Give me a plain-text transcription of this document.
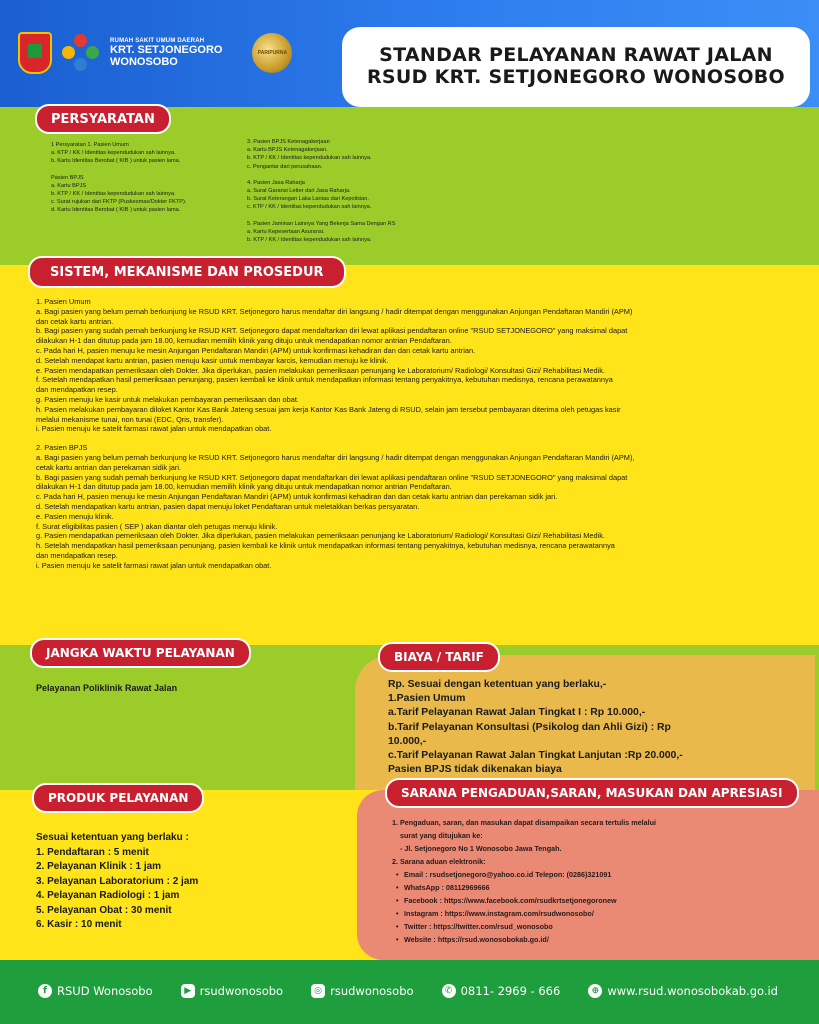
RUMAH SAKIT UMUM DAERAH
KRT. SETJONEGORO
WONOSOBO
PARIPURNA	STANDAR PELAYANAN RAWAT JALAN
RSUD KRT. SETJONEGORO WONOSOBO
PERSYARATAN
1 Persyaratan 1. Pasien Umum
a. KTP / KK / Identitas kependudukan sah lainnya.
b. Kartu Identitas Berobat ( KIB ) untuk pasien lama.
Pasien BPJS
a. Kartu BPJS
b. KTP / KK / Identitas kependudukan sah lainnya.
c. Surat rujukan dari FKTP (Puskesmas/Dokter FKTP).
d. Kartu Identitas Berobat ( KIB ) untuk pasien lama.
3. Pasien BPJS Ketenagakerjaan
a. Kartu BPJS Ketenagakerjaan.
b. KTP / KK / Identitas kependudukan sah lainnya.
c. Pengantar dari perusahaan.
4. Pasien Jasa Raharja
a. Surat Garansi Letter dari Jasa Raharja.
b. Surat Keterangan Laka Lantas dari Kepolisian.
c. KTP / KK / Identitas kependudukan sah lainnya.
5. Pasien Jaminan Lainnya Yang Bekerja Sama Dengan RS
a. Kartu Kepesertaan Asuransi.
b. KTP / KK / Identitas kependudukan sah lainnya.
SISTEM, MEKANISME DAN PROSEDUR
1. Pasien Umum
a. Bagi pasien yang belum pernah berkunjung ke RSUD KRT. Setjonegoro harus mendaftar diri langsung / hadir ditempat dengan menggunakan Anjungan Pendaftaran Mandiri (APM)
dan cetak kartu antrian.
b. Bagi pasien yang sudah pernah berkunjung ke RSUD KRT. Setjonegoro dapat mendaftarkan diri lewat aplikasi pendaftaran online "RSUD SETJONEGORO" yang maksimal dapat
dilakukan H-1 dan ditutup pada jam 18.00, kemudian memilih klinik yang dituju untuk mendapatkan nomor antrian Pendaftaran.
c. Pada hari H, pasien menuju ke mesin Anjungan Pendaftaran Mandiri (APM) untuk konfirmasi kehadiran dan dan cetak kartu antrian.
d. Setelah mendapat kartu antrian, pasien menuju kasir untuk membayar karcis, kemudian menuju ke klinik.
e. Pasien mendapatkan pemeriksaan oleh Dokter. Jika diperlukan, pasien melakukan pemeriksaan penunjang ke Laboratorium/ Radiologi/ Konsultasi Gizi/ Rehabilitasi Medik.
f. Setelah mendapatkan hasil pemeriksaan penunjang, pasien kembali ke klinik untuk mendapatkan informasi tentang penyakitnya, kebutuhan medisnya, rencana perawatannya
dan mendapatkan resep.
g. Pasien menuju ke kasir untuk melakukan pembayaran pemeriksaan dan obat.
h. Pasien melakukan pembayaran diloket Kantor Kas Bank Jateng sesuai jam kerja Kantor Kas Bank Jateng di RSUD, selain jam tersebut pembayaran diterima oleh petugas kasir
melalui mekanisme tunai, non tunai (EDC, Qris, transfer).
i. Pasien menuju ke satelit farmasi rawat jalan untuk mendapatkan obat.
2. Pasien BPJS
a. Bagi pasien yang belum pernah berkunjung ke RSUD KRT. Setjonegoro harus mendaftar diri langsung / hadir ditempat dengan menggunakan Anjungan Pendaftaran Mandiri (APM),
cetak kartu antrian dan perekaman sidik jari.
b. Bagi pasien yang sudah pernah berkunjung ke RSUD KRT. Setjonegoro dapat mendaftarkan diri lewat aplikasi pendaftaran online "RSUD SETJONEGORO" yang maksimal dapat
dilakukan H-1 dan ditutup pada jam 18.00, kemudian memilih klinik yang dituju untuk mendapatkan nomor antrian Pendaftaran.
c. Pada hari H, pasien menuju ke mesin Anjungan Pendaftaran Mandiri (APM) untuk konfirmasi kehadiran dan dan cetak kartu antrian dan perekaman sidik jari.
d. Setelah mendapatkan kartu antrian, pasien dapat menuju loket Pendaftaran untuk meletakkan berkas persyaratan.
e. Pasien menuju klinik.
f. Surat eligibilitas pasien ( SEP ) akan diantar oleh petugas menuju klinik.
g. Pasien mendapatkan pemeriksaan oleh Dokter. Jika diperlukan, pasien melakukan pemeriksaan penunjang ke Laboratorium/ Radiologi/ Konsultasi Gizi/ Rehabilitasi Medik.
h. Setelah mendapatkan hasil pemeriksaan penunjang, pasien kembali ke klinik untuk mendapatkan informasi tentang penyakitnya, kebutuhan medisnya, rencana perawatannya
dan mendapatkan resep.
i. Pasien menuju ke satelit farmasi rawat jalan untuk mendapatkan obat.
JANGKA WAKTU PELAYANAN
Pelayanan Poliklinik Rawat Jalan
BIAYA / TARIF
Rp. Sesuai dengan ketentuan yang berlaku,-
1.Pasien Umum
a.Tarif Pelayanan Rawat Jalan Tingkat I : Rp 10.000,-
b.Tarif Pelayanan Konsultasi (Psikolog dan Ahli Gizi) : Rp
10.000,-
c.Tarif Pelayanan Rawat Jalan Tingkat Lanjutan :Rp 20.000,-
Pasien BPJS tidak dikenakan biaya
PRODUK PELAYANAN
Sesuai ketentuan yang berlaku :
1. Pendaftaran : 5 menit
2. Pelayanan Klinik : 1 jam
3. Pelayanan Laboratorium : 2 jam
4. Pelayanan Radiologi : 1 jam
5. Pelayanan Obat : 30 menit
6. Kasir : 10 menit
SARANA PENGADUAN,SARAN, MASUKAN DAN APRESIASI
1. Pengaduan, saran, dan masukan dapat disampaikan secara tertulis melalui
surat yang ditujukan ke:
- Jl. Setjonegoro No 1 Wonosobo Jawa Tengah.
2. Sarana aduan elektronik:
• Email : rsudsetjonegoro@yahoo.co.id Telepon: (0286)321091
• WhatsApp : 08112969666
• Facebook : https://www.facebook.com/rsudkrtsetjonegoronew
• Instagram : https://www.instagram.com/rsudwonosobo/
• Twitter : https://twitter.com/rsud_wonosobo
• Website : https://rsud.wonosobokab.go.id/
f RSUD Wonosobo	▶ rsudwonosobo	◎ rsudwonosobo	✆ 0811- 2969 - 666	⊕ www.rsud.wonosobokab.go.id
